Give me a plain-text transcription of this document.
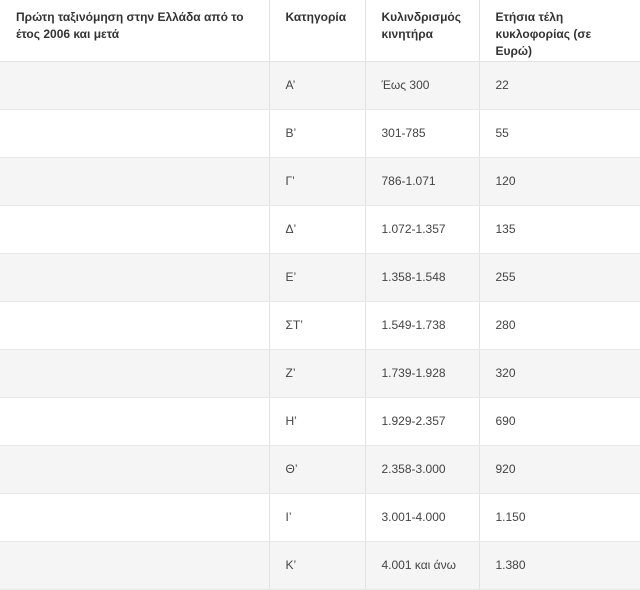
Πρώτη ταξινόμηση στην Ελλάδα από το έτος 2006 και μετά	Κατηγορία	Κυλινδρισμός κινητήρα	Ετήσια τέλη κυκλοφορίας (σε Ευρώ)
	Α’	Έως 300	22
	Β’	301-785	55
	Γ’	786-1.071	120
	Δ’	1.072-1.357	135
	Ε’	1.358-1.548	255
	ΣΤ’	1.549-1.738	280
	Ζ’	1.739-1.928	320
	Η’	1.929-2.357	690
	Θ’	2.358-3.000	920
	Ι’	3.001-4.000	1.150
	Κ’	4.001 και άνω	1.380
